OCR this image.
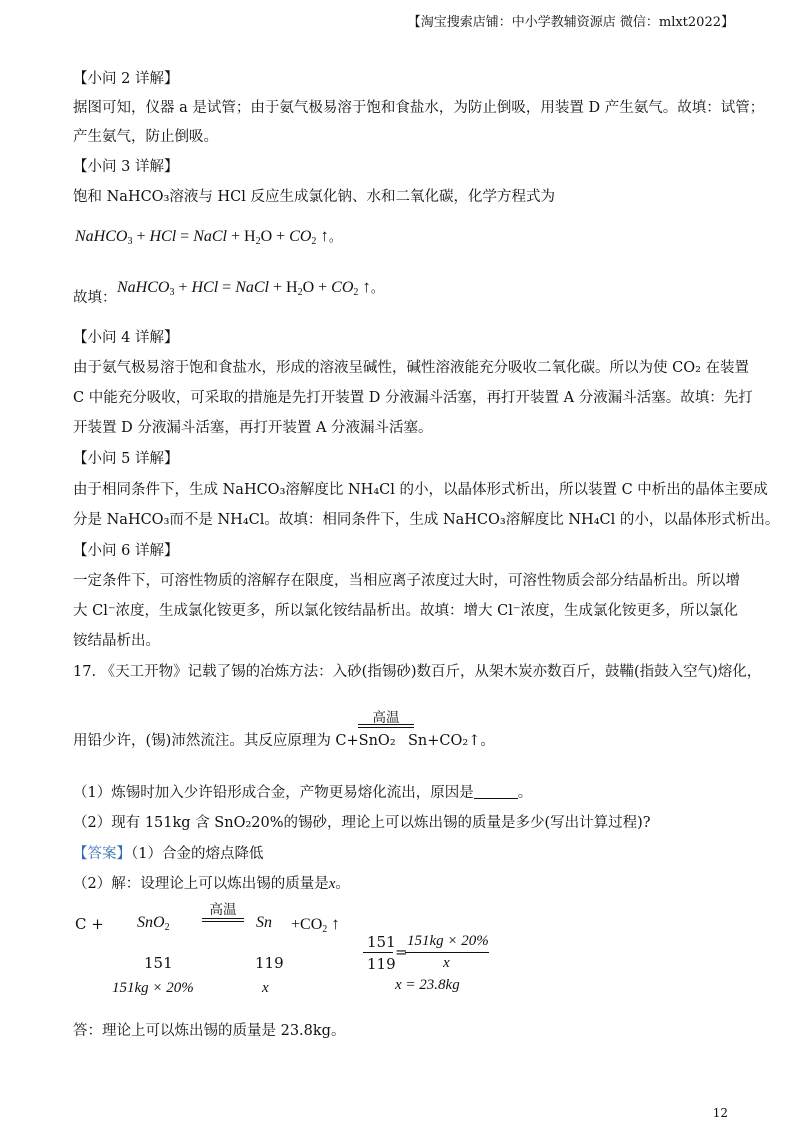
【淘宝搜索店铺：中小学教辅资源店 微信：mlxt2022】
【小问 2 详解】
据图可知，仪器 a 是试管；由于氨气极易溶于饱和食盐水，为防止倒吸，用装置 D 产生氨气。故填：试管；
产生氨气，防止倒吸。
【小问 3 详解】
饱和 NaHCO₃溶液与 HCl 反应生成氯化钠、水和二氧化碳，化学方程式为
NaHCO$_3$ + HCl = NaCl + $H_2O + CO_2$ ↑。
故填：
NaHCO$_3$ + HCl = NaCl + $H_2O + CO_2$ ↑。
【小问 4 详解】
由于氨气极易溶于饱和食盐水，形成的溶液呈碱性，碱性溶液能充分吸收二氧化碳。所以为使 CO₂ 在装置
C 中能充分吸收，可采取的措施是先打开装置 D 分液漏斗活塞，再打开装置 A 分液漏斗活塞。故填：先打
开装置 D 分液漏斗活塞，再打开装置 A 分液漏斗活塞。
【小问 5 详解】
由于相同条件下，生成 NaHCO₃溶解度比 NH₄Cl 的小，以晶体形式析出，所以装置 C 中析出的晶体主要成
分是 NaHCO₃而不是 NH₄Cl。故填：相同条件下，生成 NaHCO₃溶解度比 NH₄Cl 的小，以晶体形式析出。
【小问 6 详解】
一定条件下，可溶性物质的溶解存在限度，当相应离子浓度过大时，可溶性物质会部分结晶析出。所以增
大 Cl⁻浓度，生成氯化铵更多，所以氯化铵结晶析出。故填：增大 Cl⁻浓度，生成氯化铵更多，所以氯化
铵结晶析出。
17. 《天工开物》记载了锡的冶炼方法：入砂(指锡砂)数百斤，从架木炭亦数百斤，鼓鞴(指鼓入空气)熔化，
高温
用铅少许，(锡)沛然流注。其反应原理为 C+SnO₂ Sn+CO₂↑。
（1）炼锡时加入少许铅形成合金，产物更易熔化流出，原因是	。
（2）现有 151kg 含 SnO₂20%的锡砂，理论上可以炼出锡的质量是多少(写出计算过程)?
【答案】（1）合金的熔点降低
（2）解：设理论上可以炼出锡的质量是x。
C + SnO$_2$
高温
$Sn +CO_2$ ↑
151	119
151kg × 20%	x
151
119
=
151kg × 20%
x
x = 23.8kg
答：理论上可以炼出锡的质量是 23.8kg。
12
